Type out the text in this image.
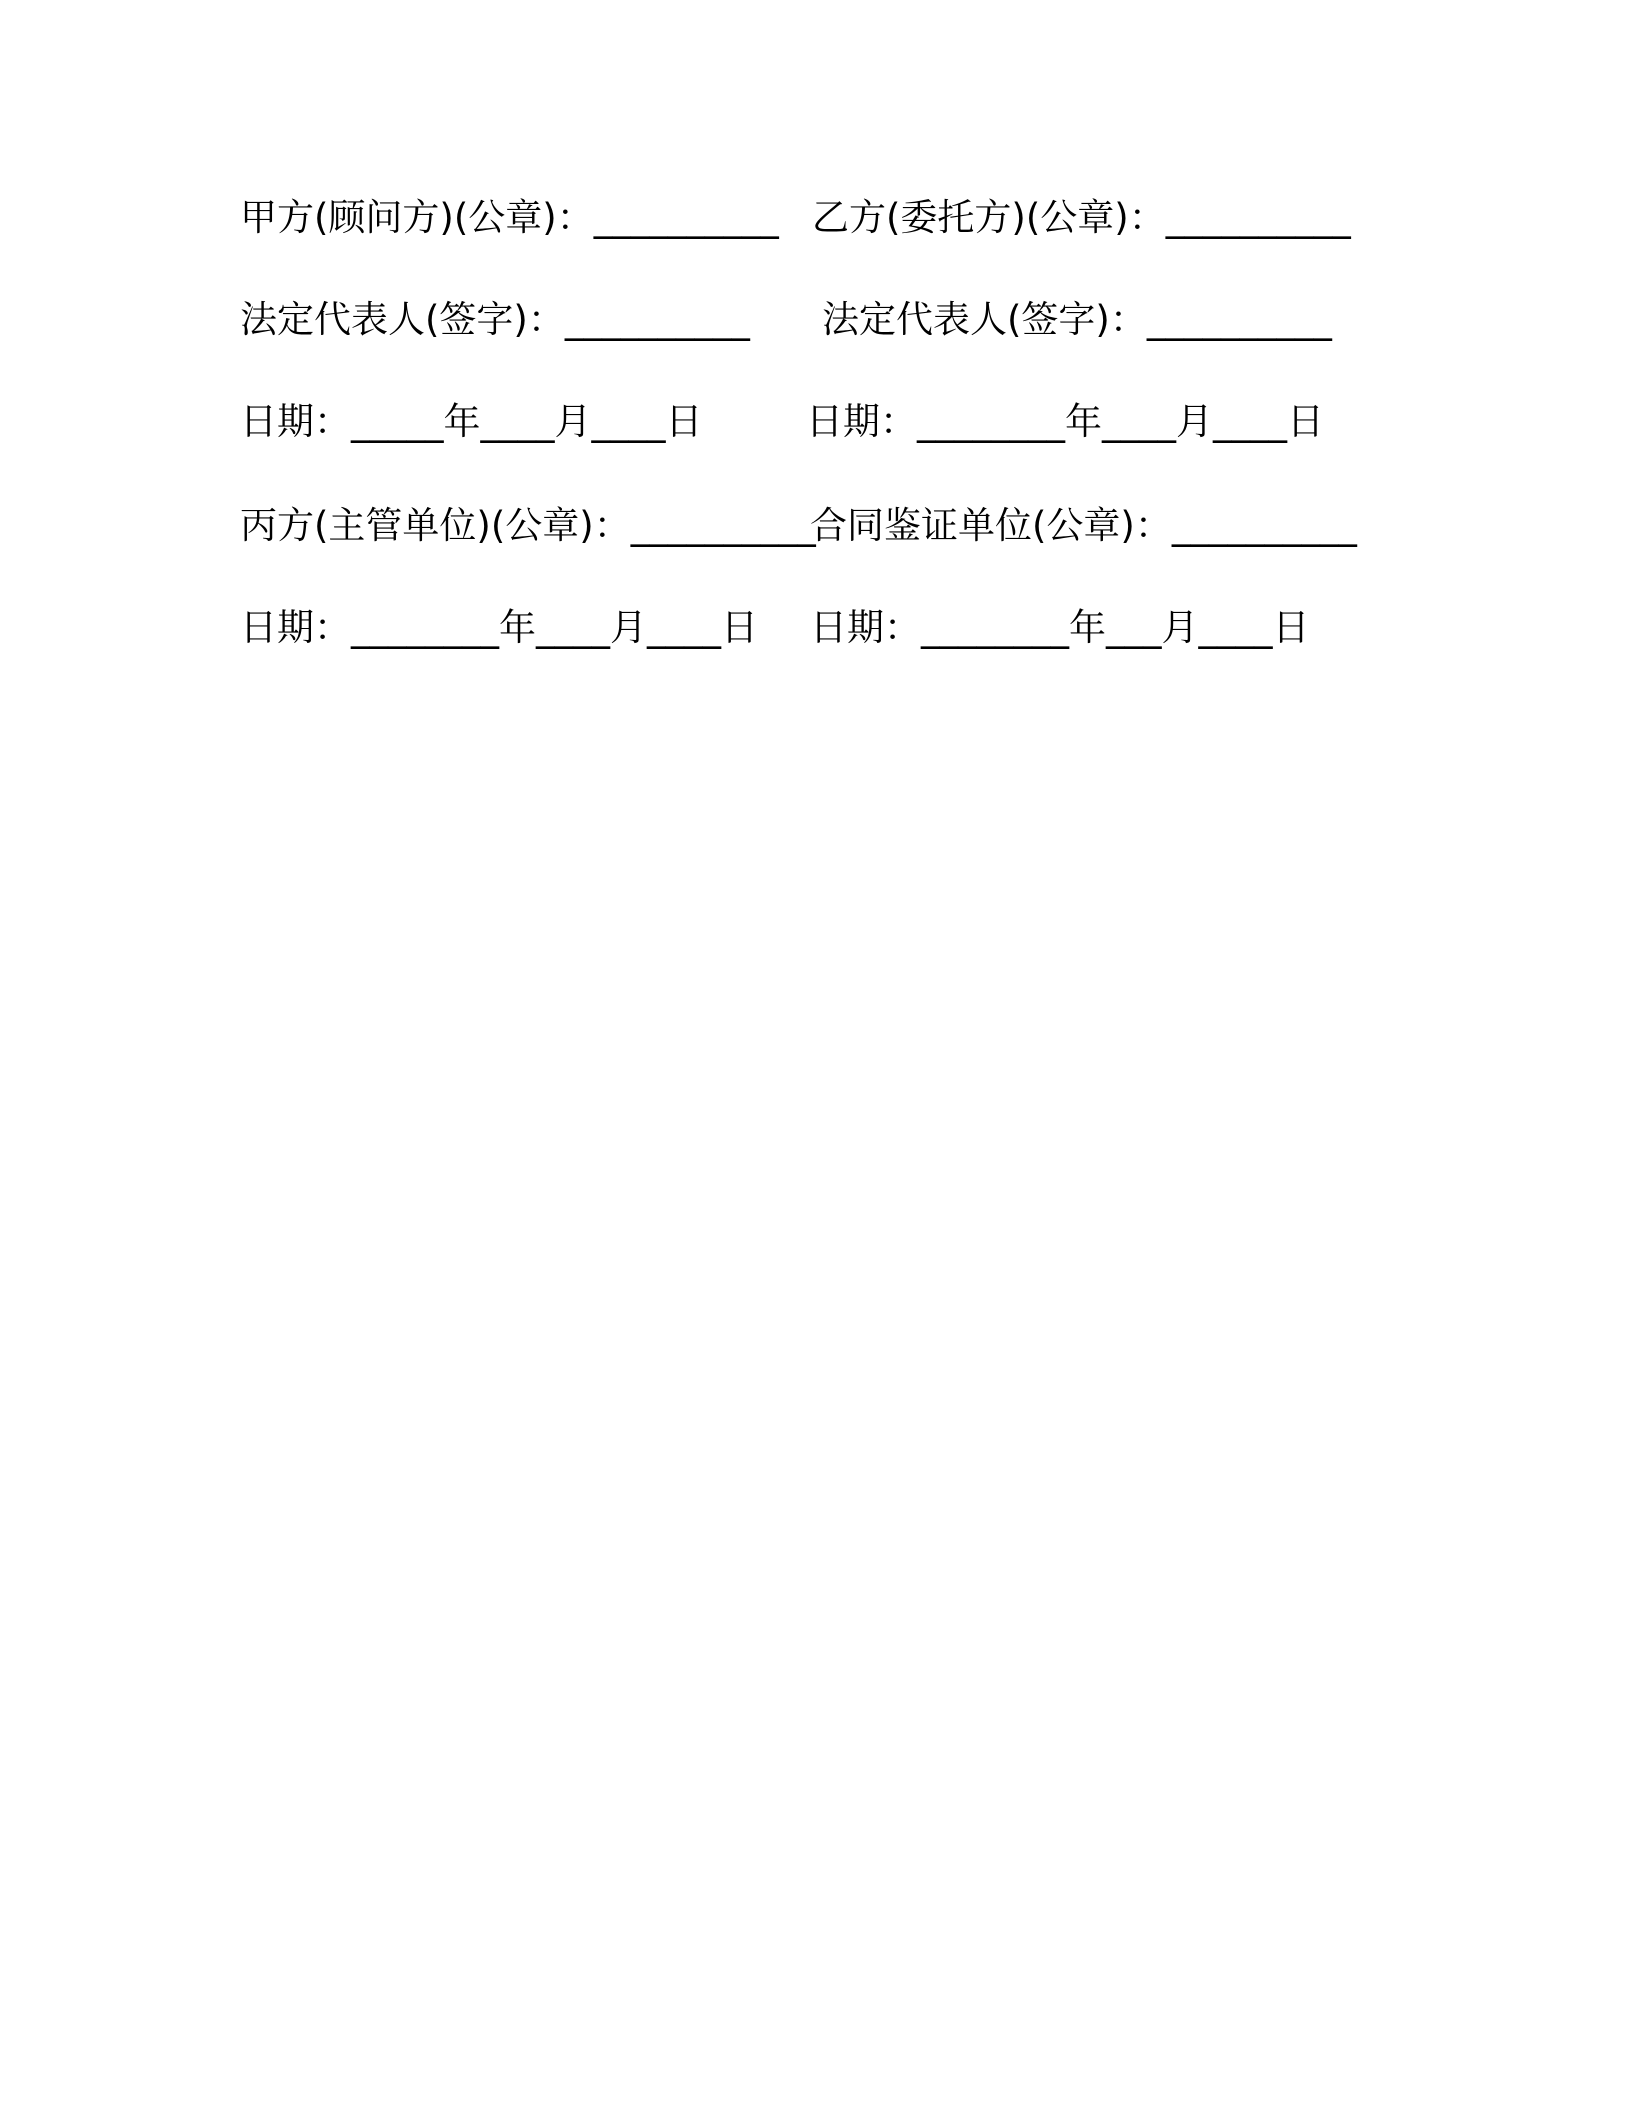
甲方(顾问方)(公章)：__________ 乙方(委托方)(公章)：__________
法定代表人(签字)：__________ 法定代表人(签字)：__________
日期：_____年____月____日	日期：________年____月____日
丙方(主管单位)(公章)：__________
合同鉴证单位(公章)：__________
日期：________年____月____日 日期：________年___月____日
